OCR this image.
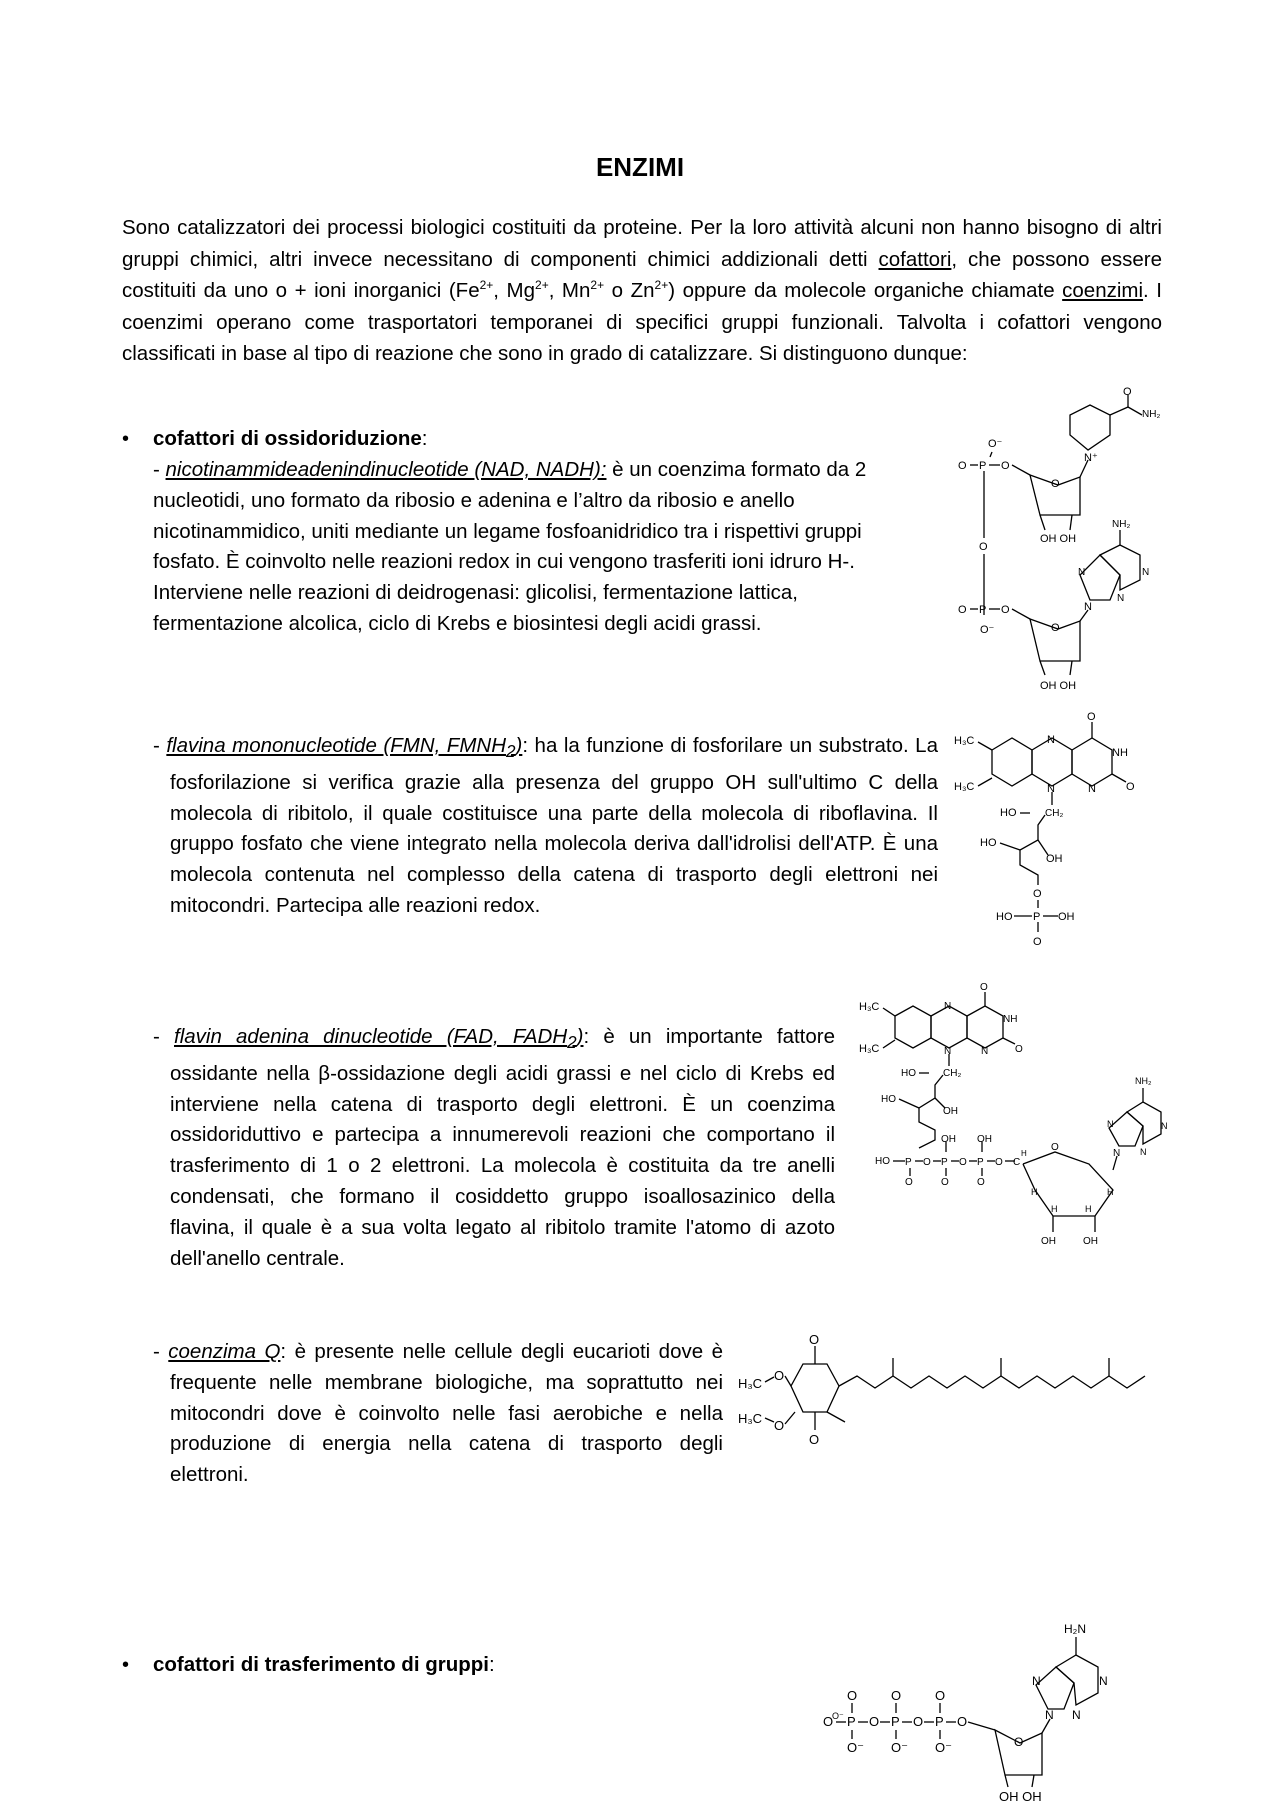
ENZIMI
Sono catalizzatori dei processi biologici costituiti da proteine. Per la loro attività alcuni non hanno bisogno di altri gruppi chimici, altri invece necessitano di componenti chimici addizionali detti cofattori, che possono essere costituiti da uno o + ioni inorganici ($Fe^{2+}$, $Mg^{2+}$, $Mn^{2+}$ o $Zn^{2+}$) oppure da molecole organiche chiamate coenzimi. I coenzimi operano come trasportatori temporanei di specifici gruppi funzionali. Talvolta i cofattori vengono classificati in base al tipo di reazione che sono in grado di catalizzare. Si distinguono dunque:
• cofattori di ossidoriduzione:
- nicotinammideadenindinucleotide (NAD, NADH): è un coenzima formato da 2 nucleotidi, uno formato da ribosio e adenina e l’altro da ribosio e anello nicotinammidico, uniti mediante un legame fosfoanidridico tra i rispettivi gruppi fosfato. È coinvolto nelle reazioni redox in cui vengono trasferiti ioni idruro H-. Interviene nelle reazioni di deidrogenasi: glicolisi, fermentazione lattica, fermentazione alcolica, ciclo di Krebs e biosintesi degli acidi grassi.
- flavina mononucleotide (FMN, $FMNH_2$): ha la funzione di fosforilare un substrato. La fosforilazione si verifica grazie alla presenza del gruppo OH sull'ultimo C della molecola di ribitolo, il quale costituisce una parte della molecola di riboflavina. Il gruppo fosfato che viene integrato nella molecola deriva dall'idrolisi dell'ATP. È una molecola contenuta nel complesso della catena di trasporto degli elettroni nei mitocondri. Partecipa alle reazioni redox.
- flavin adenina dinucleotide (FAD, $FADH_2$): è un importante fattore ossidante nella β-ossidazione degli acidi grassi e nel ciclo di Krebs ed interviene nella catena di trasporto degli elettroni. È un coenzima ossidoriduttivo e partecipa a innumerevoli reazioni che comportano il trasferimento di 1 o 2 elettroni. La molecola è costituita da tre anelli condensati, che formano il cosiddetto gruppo isoallosazinico della flavina, il quale è a sua volta legato al ribitolo tramite l'atomo di azoto dell'anello centrale.
- coenzima Q: è presente nelle cellule degli eucarioti dove è frequente nelle membrane biologiche, ma soprattutto nei mitocondri dove è coinvolto nelle fasi aerobiche e nella produzione di energia nella catena di trasporto degli elettroni.
• cofattori di trasferimento di gruppi:
O⁻
O P O
O
O P O
O⁻
O
OH OH
N⁺
O
NH₂
O
OH OH
N
N	N
N
NH₂
H₃C
H₃C
N
N	N
NH
O
O
CH₂
HO
HO
OH
O
HO P OH
O
H₃C
H₃C
N
N	N
NH
O
O
CH₂
HO
HO
OH
HO P
O
O P
OH
O
O P
OH
O
O C
H
O
H	H
H	H
OH	OH
N
N	N
N
NH₂
H₃C
H₃C
O
O
O
O
O
O⁻ P
O
O⁻
O P
O
O⁻
O P
O
O⁻
O
O
OH OH
N
N	N
N
H₂N
